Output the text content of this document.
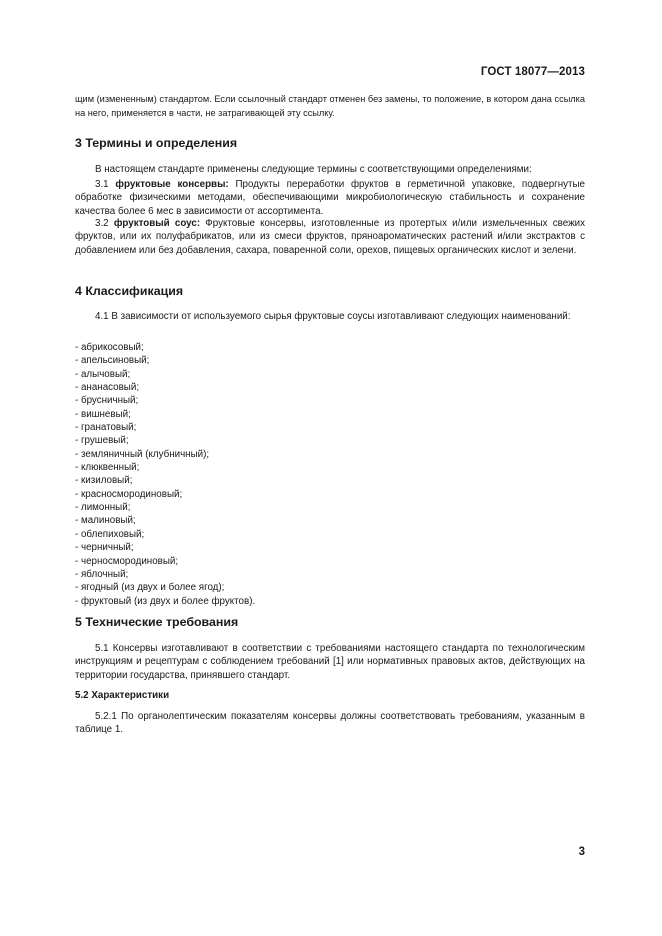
ГОСТ 18077—2013
щим (измененным) стандартом. Если ссылочный стандарт отменен без замены, то положение, в котором дана ссылка на него, применяется в части, не затрагивающей эту ссылку.
3 Термины и определения

В настоящем стандарте применены следующие термины с соответствующими определениями:

3.1 фруктовые консервы: Продукты переработки фруктов в герметичной упаковке, подвергнутые обработке физическими методами, обеспечивающими микробиологическую стабильность и сохранение качества более 6 мес в зависимости от ассортимента.

3.2 фруктовый соус: Фруктовые консервы, изготовленные из протертых и/или измельченных свежих фруктов, или их полуфабрикатов, или из смеси фруктов, пряноароматических растений и/или экстрактов с добавлением или без добавления, сахара, поваренной соли, орехов, пищевых органических кислот и зелени.

4 Классификация

4.1 В зависимости от используемого сырья фруктовые соусы изготавливают следующих наименований:

- абрикосовый;
- апельсиновый;
- алычовый;
- ананасовый;
- брусничный;
- вишневый;
- гранатовый;
- грушевый;
- земляничный (клубничный);
- клюквенный;
- кизиловый;
- красносмородиновый;
- лимонный;
- малиновый;
- облепиховый;
- черничный;
- черносмородиновый;
- яблочный;
- ягодный (из двух и более ягод);
- фруктовый (из двух и более фруктов).
5 Технические требования

5.1 Консервы изготавливают в соответствии с требованиями настоящего стандарта по технологическим инструкциям и рецептурам с соблюдением требований [1] или нормативных правовых актов, действующих на территории государства, принявшего стандарт.

5.2 Характеристики

5.2.1 По органолептическим показателям консервы должны соответствовать требованиям, указанным в таблице 1.

3
